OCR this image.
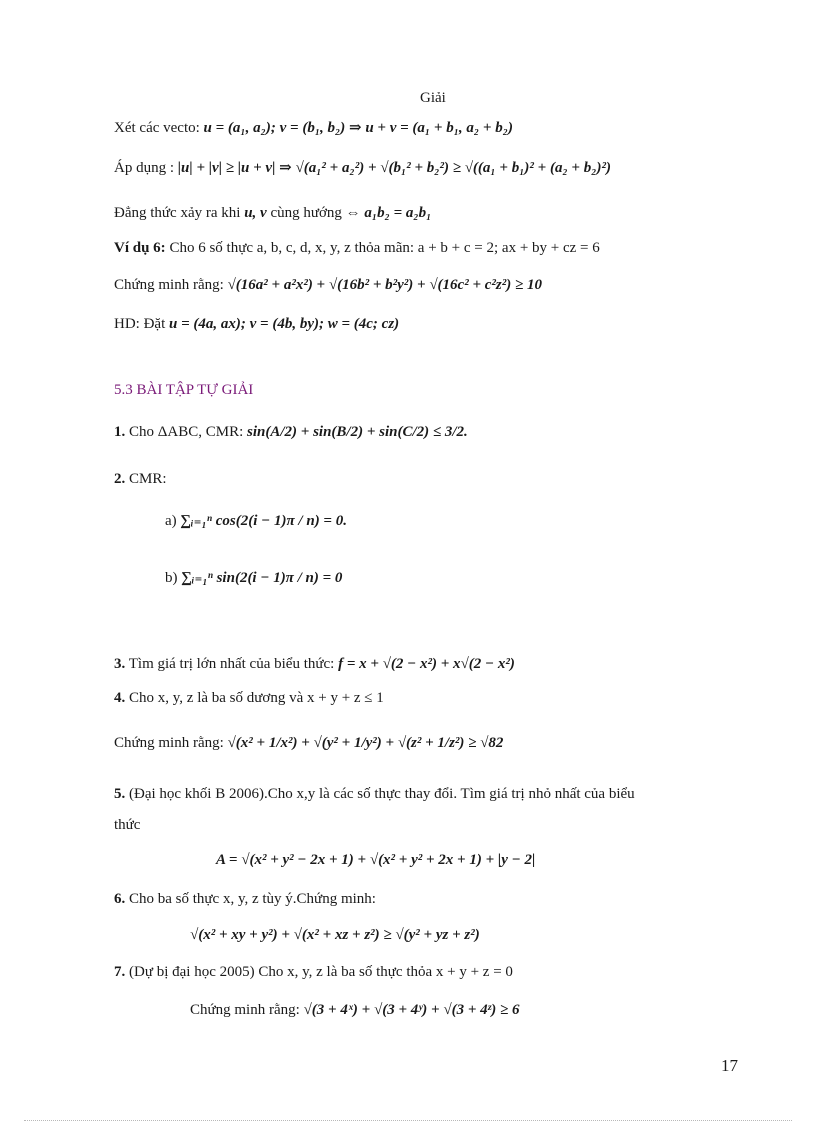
Giải
Xét các vecto: u = (a₁, a₂); v = (b₁, b₂) ⇒ u + v = (a₁ + b₁, a₂ + b₂)
Áp dụng : |u| + |v| ≥ |u + v| ⇒ √(a₁² + a₂²) + √(b₁² + b₂²) ≥ √((a₁ + b₁)² + (a₂ + b₂)²)
Đẳng thức xảy ra khi u, v cùng hướng ⇔ a₁b₂ = a₂b₁
Ví dụ 6: Cho 6 số thực a, b, c, d, x, y, z thỏa mãn: a + b + c = 2; ax + by + cz = 6
Chứng minh rằng: √(16a² + a²x²) + √(16b² + b²y²) + √(16c² + c²z²) ≥ 10
HD: Đặt u = (4a, ax); v = (4b, by); w = (4c; cz)
5.3 BÀI TẬP TỰ GIẢI
1. Cho ΔABC, CMR: sin(A/2) + sin(B/2) + sin(C/2) ≤ 3/2.
2. CMR:
a) ∑ᵢ₌₁ⁿ cos(2(i − 1)π / n) = 0.
b) ∑ᵢ₌₁ⁿ sin(2(i − 1)π / n) = 0
3. Tìm giá trị lớn nhất của biểu thức: f = x + √(2 − x²) + x√(2 − x²)
4. Cho x, y, z là ba số dương và x + y + z ≤ 1
Chứng minh rằng: √(x² + 1/x²) + √(y² + 1/y²) + √(z² + 1/z²) ≥ √82
5. (Đại học khối B 2006).Cho x,y là các số thực thay đổi. Tìm giá trị nhỏ nhất của biểu
thức
A = √(x² + y² − 2x + 1) + √(x² + y² + 2x + 1) + |y − 2|
6. Cho ba số thực x, y, z tùy ý.Chứng minh:
√(x² + xy + y²) + √(x² + xz + z²) ≥ √(y² + yz + z²)
7. (Dự bị đại học 2005) Cho x, y, z là ba số thực thỏa x + y + z = 0
Chứng minh rằng: √(3 + 4ˣ) + √(3 + 4ʸ) + √(3 + 4ᶻ) ≥ 6
17
